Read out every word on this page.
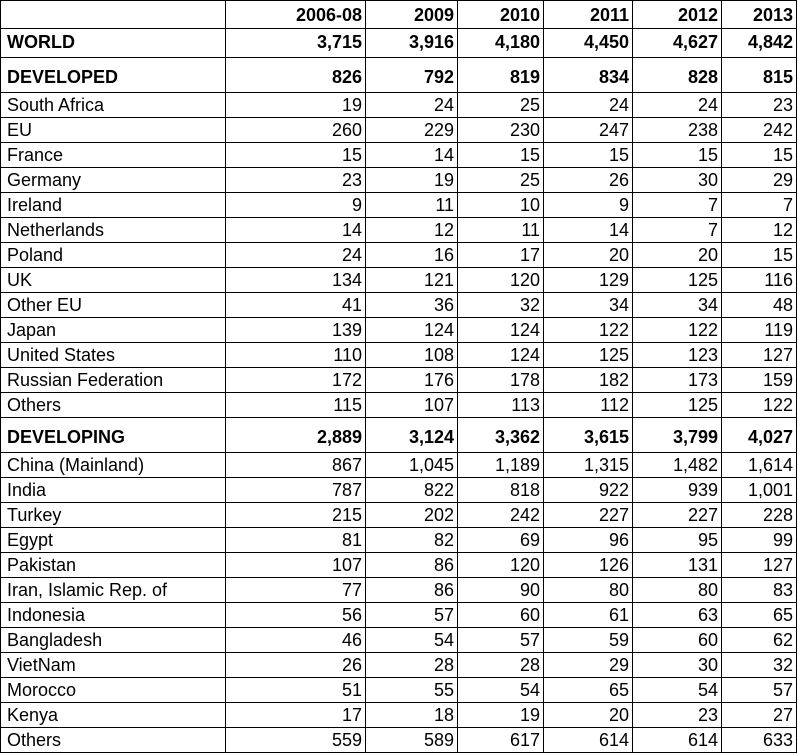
	2006-08	2009	2010	2011	2012	2013
WORLD	3,715	3,916	4,180	4,450	4,627	4,842
DEVELOPED	826	792	819	834	828	815
South Africa	19	24	25	24	24	23
EU	260	229	230	247	238	242
France	15	14	15	15	15	15
Germany	23	19	25	26	30	29
Ireland	9	11	10	9	7	7
Netherlands	14	12	11	14	7	12
Poland	24	16	17	20	20	15
UK	134	121	120	129	125	116
Other EU	41	36	32	34	34	48
Japan	139	124	124	122	122	119
United States	110	108	124	125	123	127
Russian Federation	172	176	178	182	173	159
Others	115	107	113	112	125	122
DEVELOPING	2,889	3,124	3,362	3,615	3,799	4,027
China (Mainland)	867	1,045	1,189	1,315	1,482	1,614
India	787	822	818	922	939	1,001
Turkey	215	202	242	227	227	228
Egypt	81	82	69	96	95	99
Pakistan	107	86	120	126	131	127
Iran, Islamic Rep. of	77	86	90	80	80	83
Indonesia	56	57	60	61	63	65
Bangladesh	46	54	57	59	60	62
VietNam	26	28	28	29	30	32
Morocco	51	55	54	65	54	57
Kenya	17	18	19	20	23	27
Others	559	589	617	614	614	633
